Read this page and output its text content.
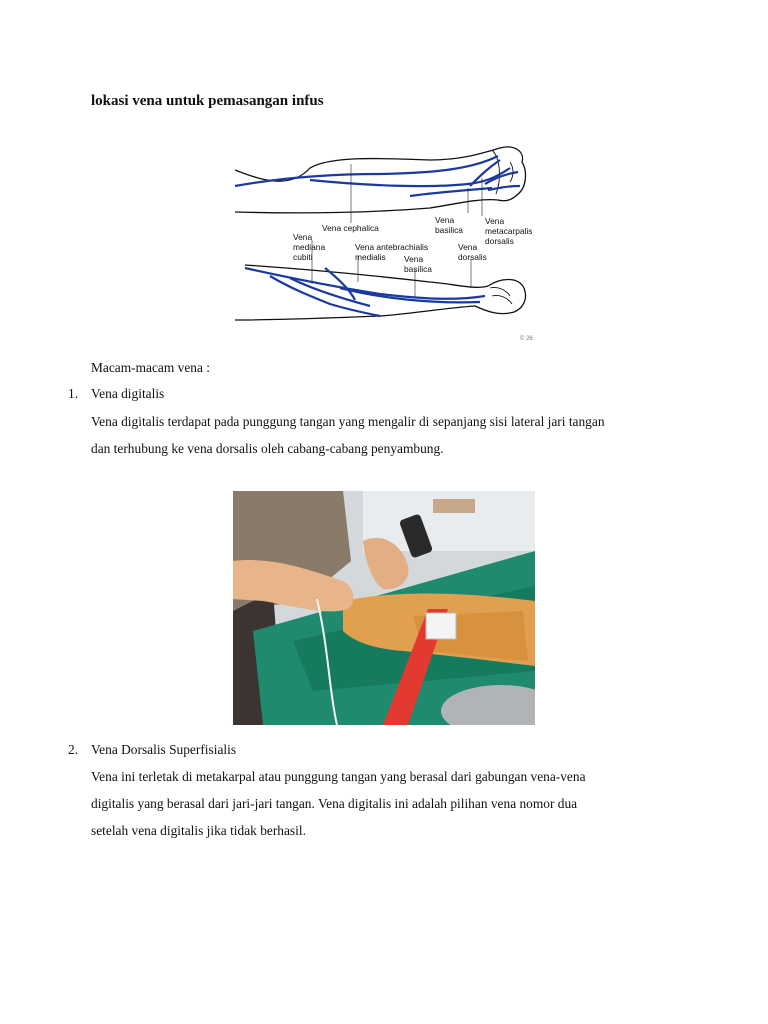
lokasi vena untuk pemasangan infus
Vena cephalica
Vena
basilica
Vena
metacarpalis
dorsalis
Vena
mediana
cubiti
Vena antebrachialis
medialis
Vena
dorsalis
Vena
basilica
© 26
Macam-macam vena :
1. Vena digitalis
Vena digitalis terdapat pada punggung tangan yang mengalir di sepanjang sisi lateral jari tangan
dan terhubung ke vena dorsalis oleh cabang-cabang penyambung.
2. Vena Dorsalis Superfisialis
Vena ini terletak di metakarpal atau punggung tangan yang berasal dari gabungan vena-vena
digitalis yang berasal dari jari-jari tangan. Vena digitalis ini adalah pilihan vena nomor dua
setelah vena digitalis jika tidak berhasil.
